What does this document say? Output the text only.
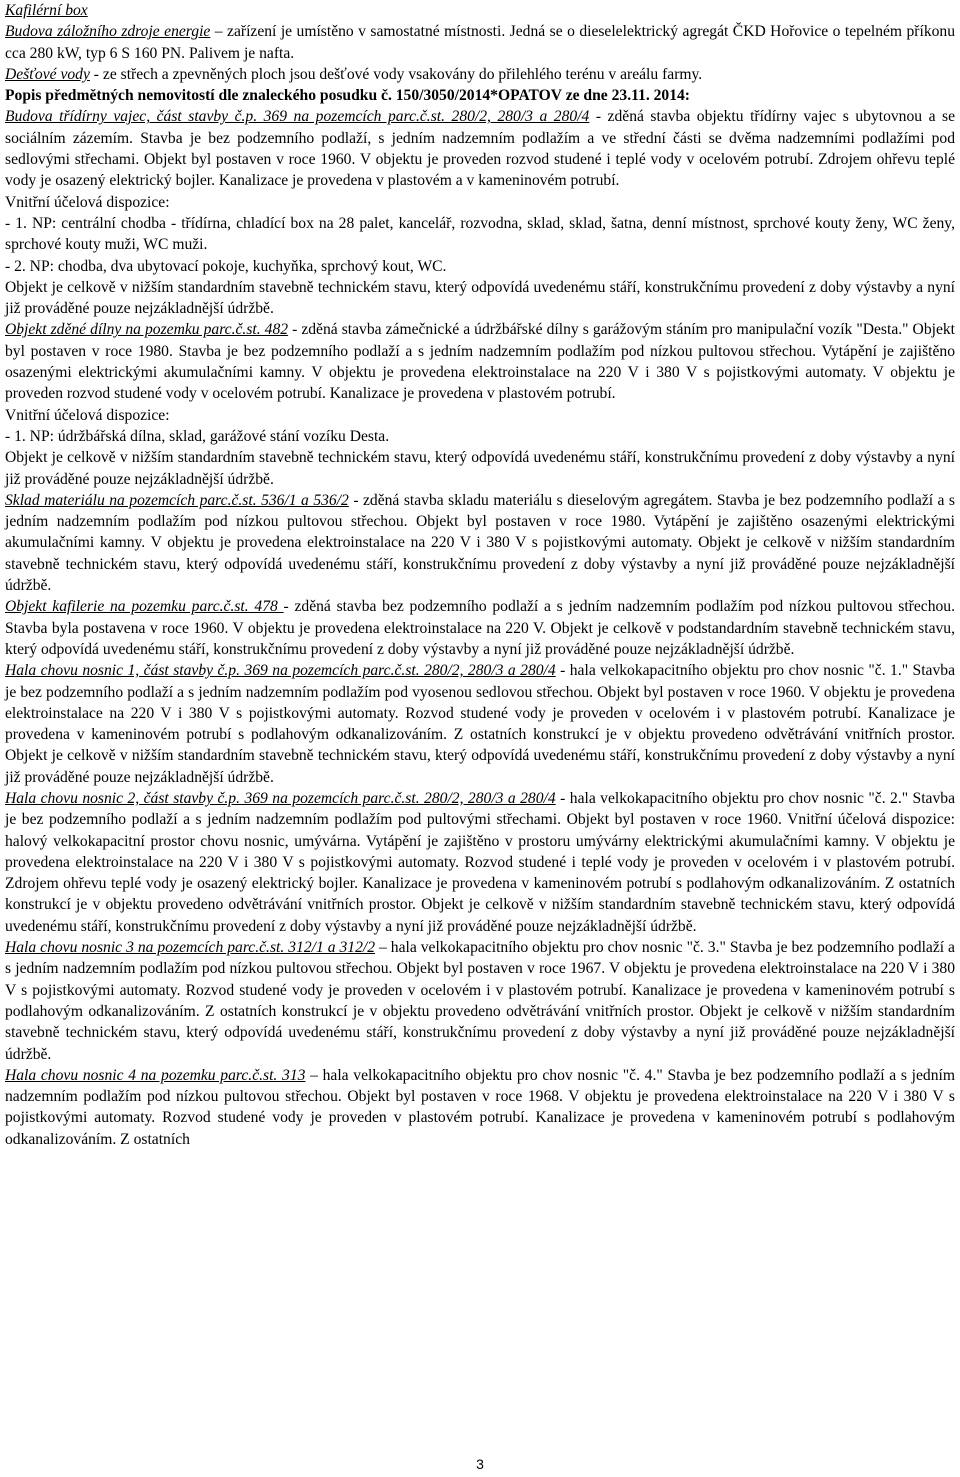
Kafilérní box

Budova záložního zdroje energie – zařízení je umístěno v samostatné místnosti. Jedná se o dieselelektrický agregát ČKD Hořovice o tepelném příkonu cca 280 kW, typ 6 S 160 PN. Palivem je nafta.

Dešťové vody - ze střech a zpevněných ploch jsou dešťové vody vsakovány do přilehlého terénu v areálu farmy.

Popis předmětných nemovitostí dle znaleckého posudku č. 150/3050/2014*OPATOV ze dne 23.11. 2014:

Budova třídírny vajec, část stavby č.p. 369 na pozemcích parc.č.st. 280/2, 280/3 a 280/4 - zděná stavba objektu třídírny vajec s ubytovnou a se sociálním zázemím. Stavba je bez podzemního podlaží, s jedním nadzemním podlažím a ve střední části se dvěma nadzemními podlažími pod sedlovými střechami. Objekt byl postaven v roce 1960. V objektu je proveden rozvod studené i teplé vody v ocelovém potrubí. Zdrojem ohřevu teplé vody je osazený elektrický bojler. Kanalizace je provedena v plastovém a v kameninovém potrubí.

Vnitřní účelová dispozice:

- 1. NP: centrální chodba - třídírna, chladící box na 28 palet, kancelář, rozvodna, sklad, sklad, šatna, denní místnost, sprchové kouty ženy, WC ženy, sprchové kouty muži, WC muži.

- 2. NP: chodba, dva ubytovací pokoje, kuchyňka, sprchový kout, WC.

Objekt je celkově v nižším standardním stavebně technickém stavu, který odpovídá uvedenému stáří, konstrukčnímu provedení z doby výstavby a nyní již prováděné pouze nejzákladnější údržbě.

Objekt zděné dílny na pozemku parc.č.st. 482 - zděná stavba zámečnické a údržbářské dílny s garážovým stáním pro manipulační vozík "Desta." Objekt byl postaven v roce 1980. Stavba je bez podzemního podlaží a s jedním nadzemním podlažím pod nízkou pultovou střechou. Vytápění je zajištěno osazenými elektrickými akumulačními kamny. V objektu je provedena elektroinstalace na 220 V i 380 V s pojistkovými automaty. V objektu je proveden rozvod studené vody v ocelovém potrubí. Kanalizace je provedena v plastovém potrubí.

Vnitřní účelová dispozice:

- 1. NP: údržbářská dílna, sklad, garážové stání vozíku Desta.

Objekt je celkově v nižším standardním stavebně technickém stavu, který odpovídá uvedenému stáří, konstrukčnímu provedení z doby výstavby a nyní již prováděné pouze nejzákladnější údržbě.

Sklad materiálu na pozemcích parc.č.st. 536/1 a 536/2 - zděná stavba skladu materiálu s dieselovým agregátem. Stavba je bez podzemního podlaží a s jedním nadzemním podlažím pod nízkou pultovou střechou. Objekt byl postaven v roce 1980. Vytápění je zajištěno osazenými elektrickými akumulačními kamny. V objektu je provedena elektroinstalace na 220 V i 380 V s pojistkovými automaty. Objekt je celkově v nižším standardním stavebně technickém stavu, který odpovídá uvedenému stáří, konstrukčnímu provedení z doby výstavby a nyní již prováděné pouze nejzákladnější údržbě.

Objekt kafilerie na pozemku parc.č.st. 478 - zděná stavba bez podzemního podlaží a s jedním nadzemním podlažím pod nízkou pultovou střechou. Stavba byla postavena v roce 1960. V objektu je provedena elektroinstalace na 220 V. Objekt je celkově v podstandardním stavebně technickém stavu, který odpovídá uvedenému stáří, konstrukčnímu provedení z doby výstavby a nyní již prováděné pouze nejzákladnější údržbě.

Hala chovu nosnic 1, část stavby č.p. 369 na pozemcích parc.č.st. 280/2, 280/3 a 280/4 - hala velkokapacitního objektu pro chov nosnic "č. 1." Stavba je bez podzemního podlaží a s jedním nadzemním podlažím pod vyosenou sedlovou střechou. Objekt byl postaven v roce 1960. V objektu je provedena elektroinstalace na 220 V i 380 V s pojistkovými automaty. Rozvod studené vody je proveden v ocelovém i v plastovém potrubí. Kanalizace je provedena v kameninovém potrubí s podlahovým odkanalizováním. Z ostatních konstrukcí je v objektu provedeno odvětrávání vnitřních prostor. Objekt je celkově v nižším standardním stavebně technickém stavu, který odpovídá uvedenému stáří, konstrukčnímu provedení z doby výstavby a nyní již prováděné pouze nejzákladnější údržbě.

Hala chovu nosnic 2, část stavby č.p. 369 na pozemcích parc.č.st. 280/2, 280/3 a 280/4 - hala velkokapacitního objektu pro chov nosnic "č. 2." Stavba je bez podzemního podlaží a s jedním nadzemním podlažím pod pultovými střechami. Objekt byl postaven v roce 1960. Vnitřní účelová dispozice: halový velkokapacitní prostor chovu nosnic, umývárna. Vytápění je zajištěno v prostoru umývárny elektrickými akumulačními kamny. V objektu je provedena elektroinstalace na 220 V i 380 V s pojistkovými automaty. Rozvod studené i teplé vody je proveden v ocelovém i v plastovém potrubí. Zdrojem ohřevu teplé vody je osazený elektrický bojler. Kanalizace je provedena v kameninovém potrubí s podlahovým odkanalizováním. Z ostatních konstrukcí je v objektu provedeno odvětrávání vnitřních prostor. Objekt je celkově v nižším standardním stavebně technickém stavu, který odpovídá uvedenému stáří, konstrukčnímu provedení z doby výstavby a nyní již prováděné pouze nejzákladnější údržbě.

Hala chovu nosnic 3 na pozemcích parc.č.st. 312/1 a 312/2 – hala velkokapacitního objektu pro chov nosnic "č. 3." Stavba je bez podzemního podlaží a s jedním nadzemním podlažím pod nízkou pultovou střechou. Objekt byl postaven v roce 1967. V objektu je provedena elektroinstalace na 220 V i 380 V s pojistkovými automaty. Rozvod studené vody je proveden v ocelovém i v plastovém potrubí. Kanalizace je provedena v kameninovém potrubí s podlahovým odkanalizováním. Z ostatních konstrukcí je v objektu provedeno odvětrávání vnitřních prostor. Objekt je celkově v nižším standardním stavebně technickém stavu, který odpovídá uvedenému stáří, konstrukčnímu provedení z doby výstavby a nyní již prováděné pouze nejzákladnější údržbě.

Hala chovu nosnic 4 na pozemku parc.č.st. 313 – hala velkokapacitního objektu pro chov nosnic "č. 4." Stavba je bez podzemního podlaží a s jedním nadzemním podlažím pod nízkou pultovou střechou. Objekt byl postaven v roce 1968. V objektu je provedena elektroinstalace na 220 V i 380 V s pojistkovými automaty. Rozvod studené vody je proveden v plastovém potrubí. Kanalizace je provedena v kameninovém potrubí s podlahovým odkanalizováním. Z ostatních

3
